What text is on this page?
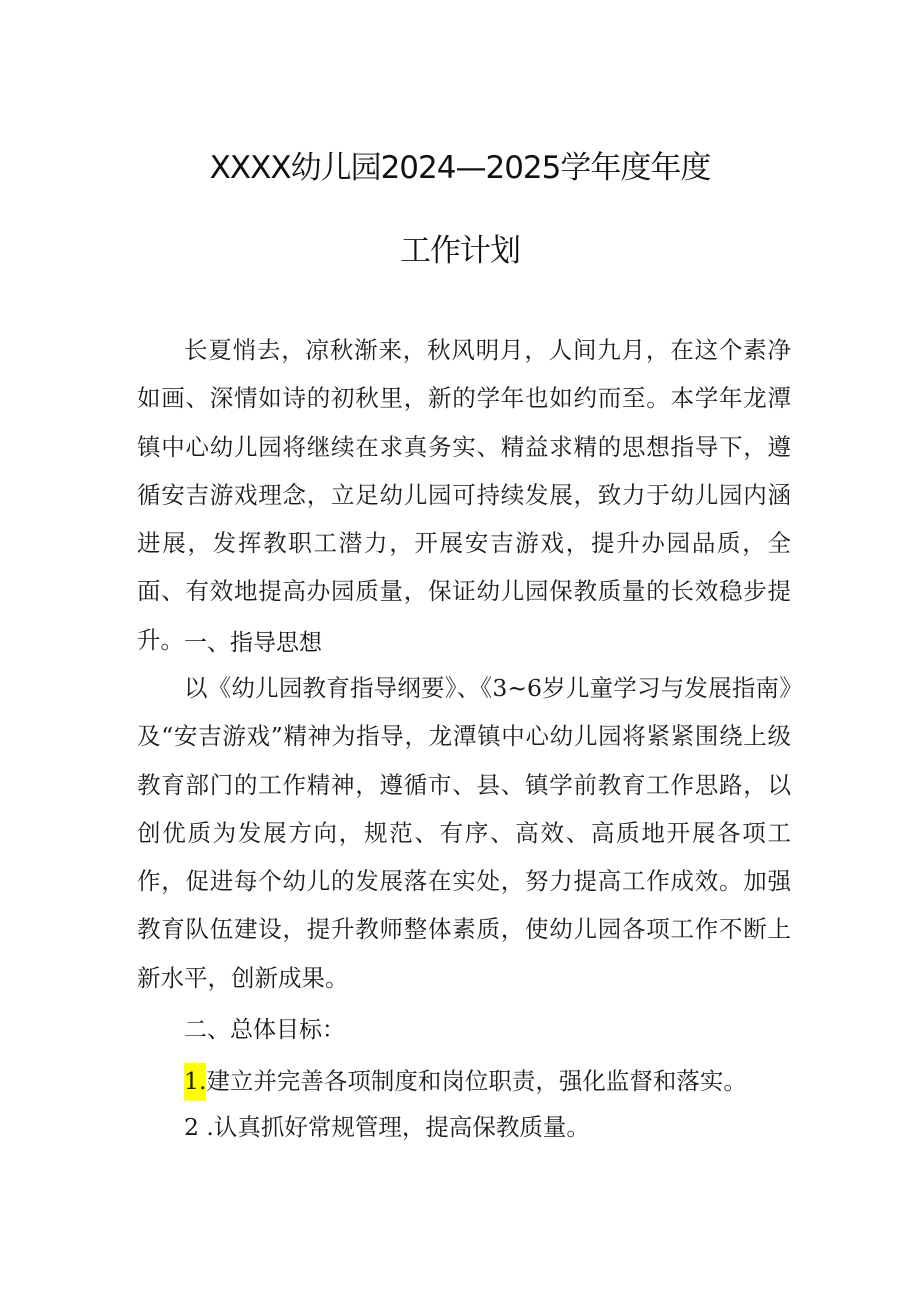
XXXX幼儿园2024—2025学年度年度
工作计划

长夏悄去，凉秋渐来，秋风明月，人间九月，在这个素净如画、深情如诗的初秋里，新的学年也如约而至。本学年龙潭镇中心幼儿园将继续在求真务实、精益求精的思想指导下，遵循安吉游戏理念，立足幼儿园可持续发展，致力于幼儿园内涵进展，发挥教职工潜力，开展安吉游戏，提升办园品质，全面、有效地提高办园质量，保证幼儿园保教质量的长效稳步提升。 一、指导思想

以《幼儿园教育指导纲要》、《3~6岁儿童学习与发展指南》及“安吉游戏”精神为指导，龙潭镇中心幼儿园将紧紧围绕上级教育部门的工作精神，遵循市、县、镇学前教育工作思路，以创优质为发展方向，规范、有序、高效、高质地开展各项工作，促进每个幼儿的发展落在实处，努力提高工作成效。加强教育队伍建设，提升教师整体素质，使幼儿园各项工作不断上新水平，创新成果。

二、总体目标：
1.建立并完善各项制度和岗位职责，强化监督和落实。
2 .认真抓好常规管理，提高保教质量。
